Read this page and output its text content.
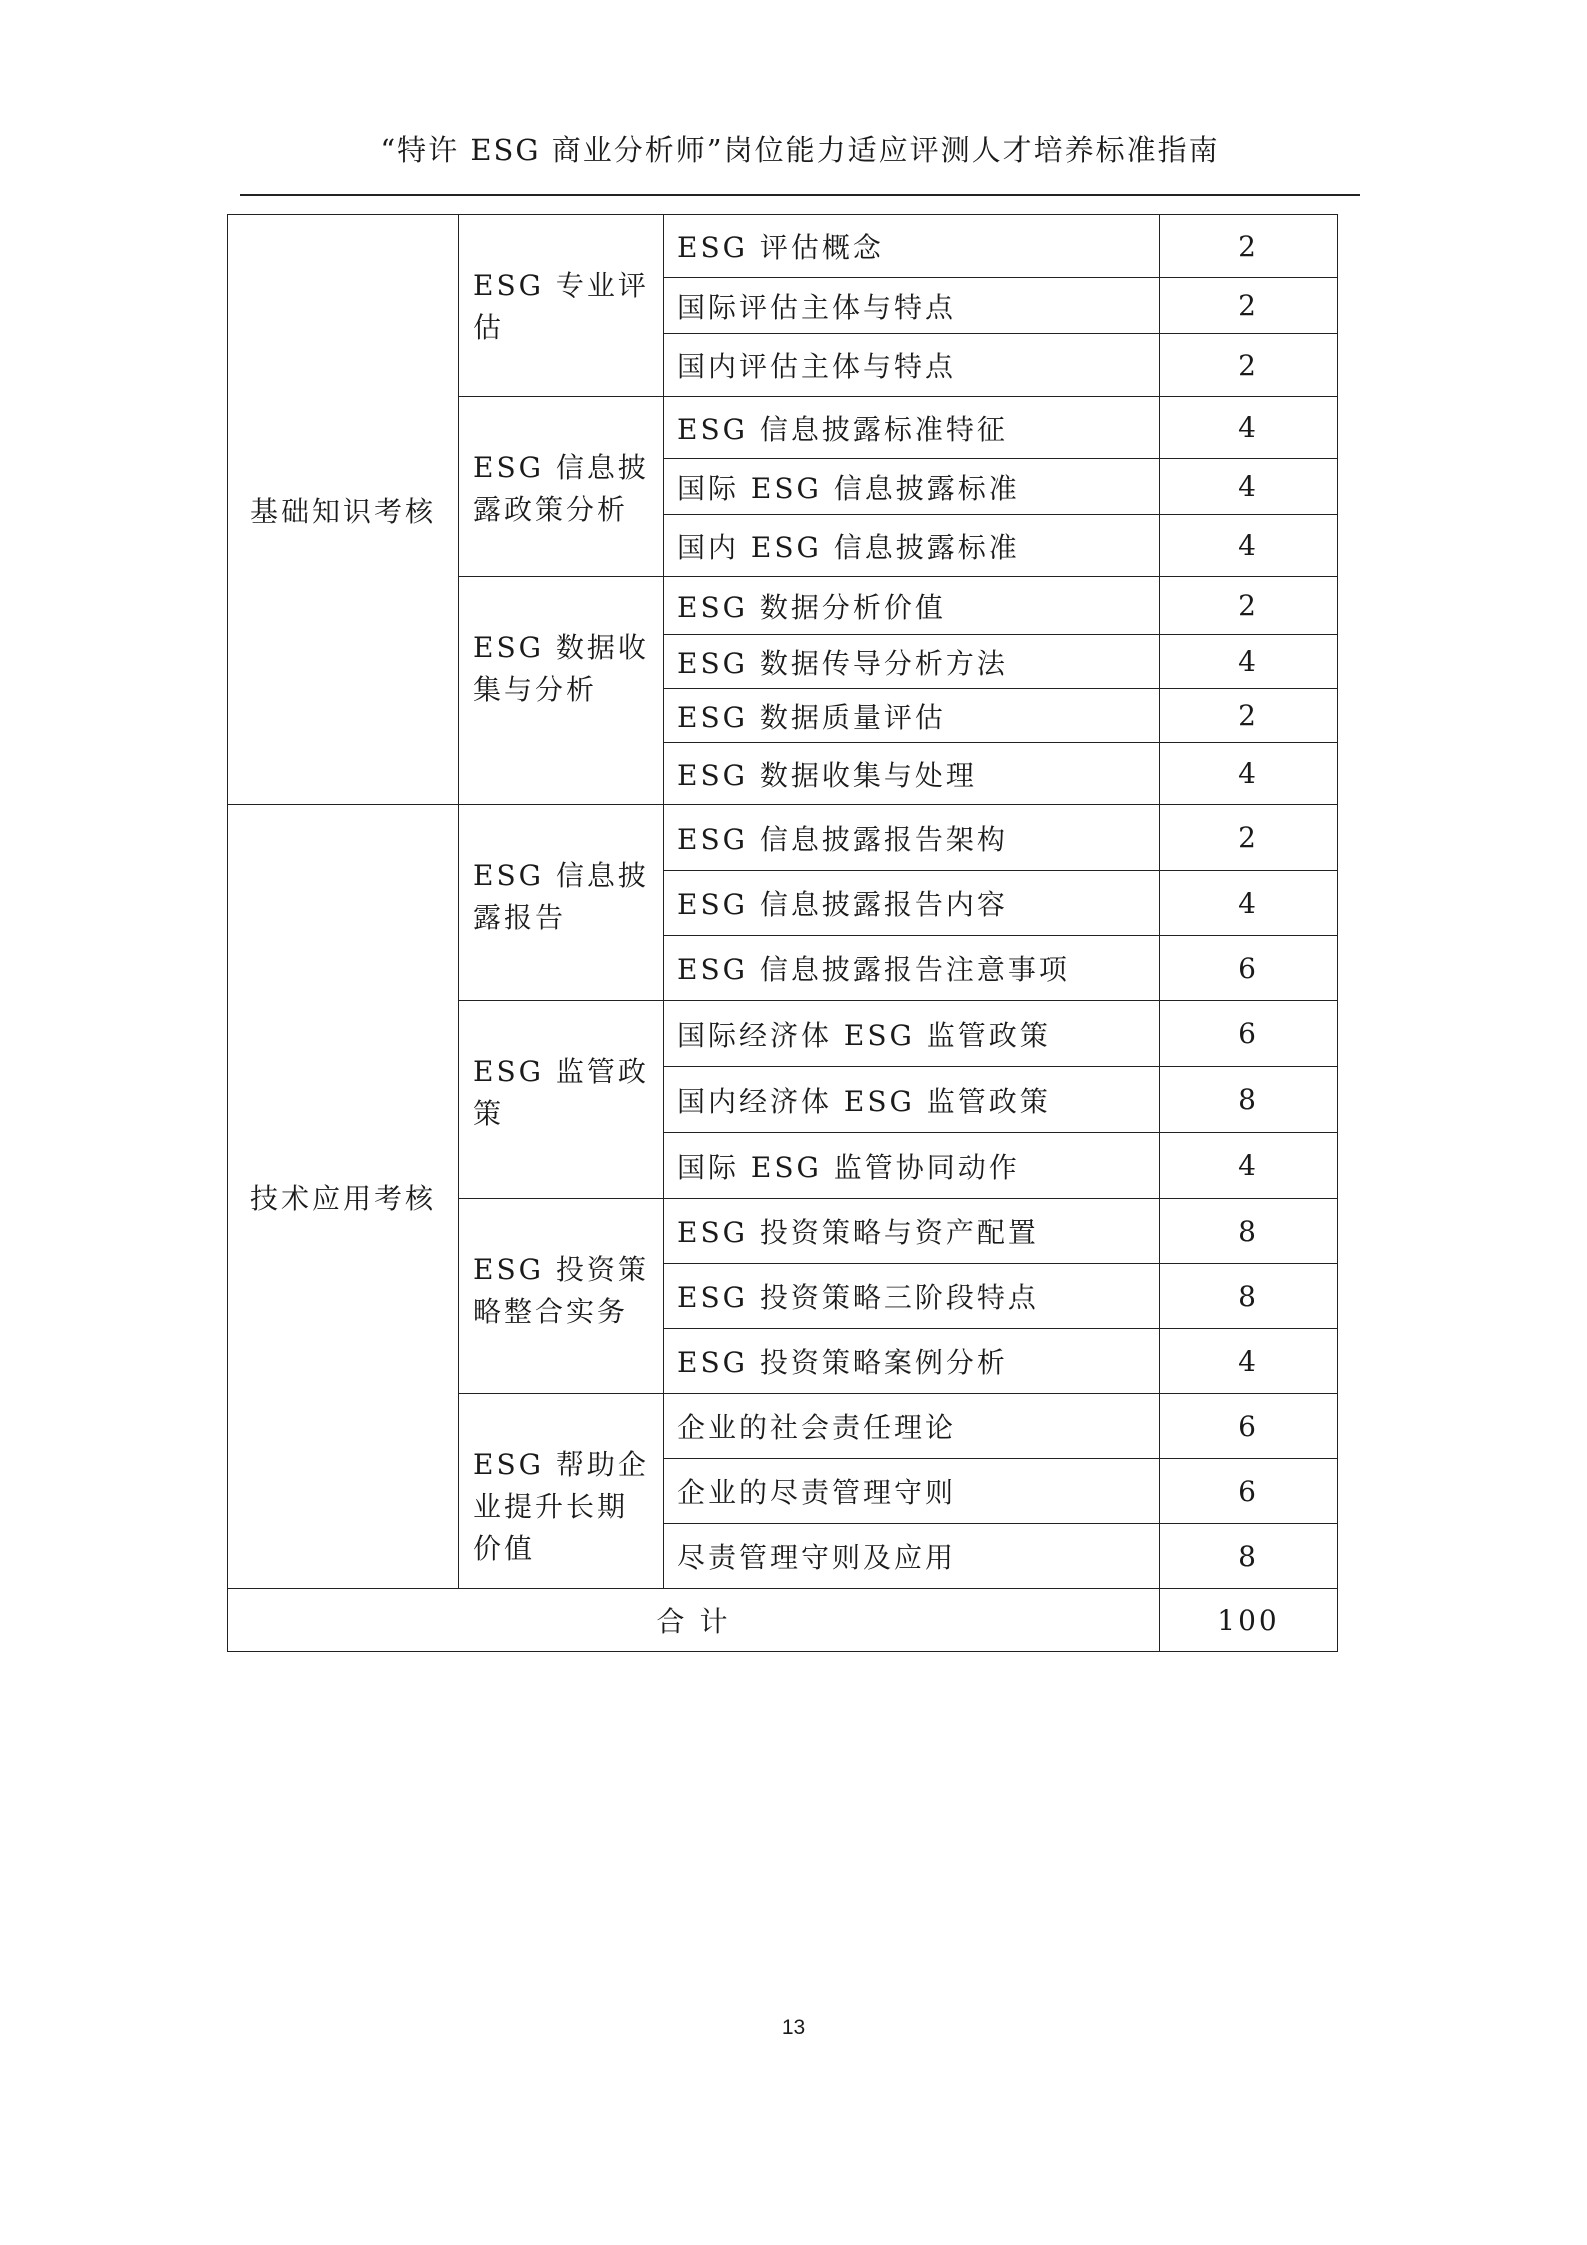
“特许 ESG 商业分析师”岗位能力适应评测人才培养标准指南
基础知识考核	ESG 专业评估	ESG 评估概念	2
		国际评估主体与特点	2
		国内评估主体与特点	2
	ESG 信息披露政策分析	ESG 信息披露标准特征	4
		国际 ESG 信息披露标准	4
		国内 ESG 信息披露标准	4
	ESG 数据收集与分析	ESG 数据分析价值	2
		ESG 数据传导分析方法	4
		ESG 数据质量评估	2
		ESG 数据收集与处理	4
技术应用考核	ESG 信息披露报告	ESG 信息披露报告架构	2
		ESG 信息披露报告内容	4
		ESG 信息披露报告注意事项	6
	ESG 监管政策	国际经济体 ESG 监管政策	6
		国内经济体 ESG 监管政策	8
		国际 ESG 监管协同动作	4
	ESG 投资策略整合实务	ESG 投资策略与资产配置	8
		ESG 投资策略三阶段特点	8
		ESG 投资策略案例分析	4
	ESG 帮助企业提升长期价值	企业的社会责任理论	6
		企业的尽责管理守则	6
		尽责管理守则及应用	8
合 计			100
13
